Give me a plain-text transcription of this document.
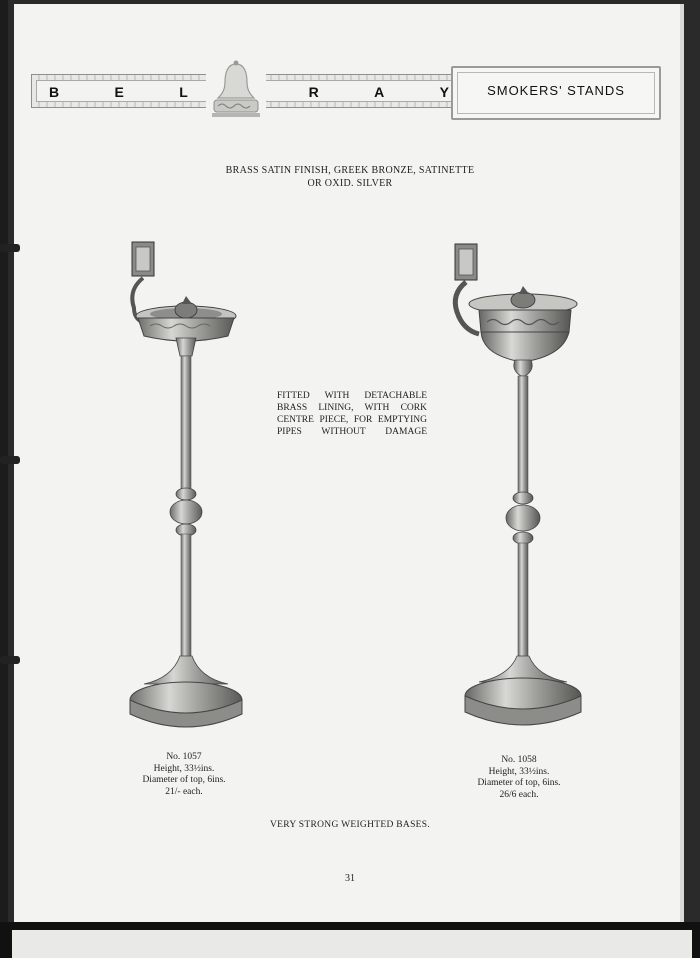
B	E	L	R	A	Y	SMOKERS' STANDS
BRASS SATIN FINISH, GREEK BRONZE, SATINETTE
OR OXID. SILVER
FITTED WITH DETACHABLE
BRASS LINING, WITH CORK
CENTRE PIECE, FOR EMPTYING
PIPES WITHOUT DAMAGE
No. 1057
Height, 33½ins.
Diameter of top, 6ins.
21/- each.
No. 1058
Height, 33½ins.
Diameter of top, 6ins.
26/6 each.
VERY STRONG WEIGHTED BASES.
31
